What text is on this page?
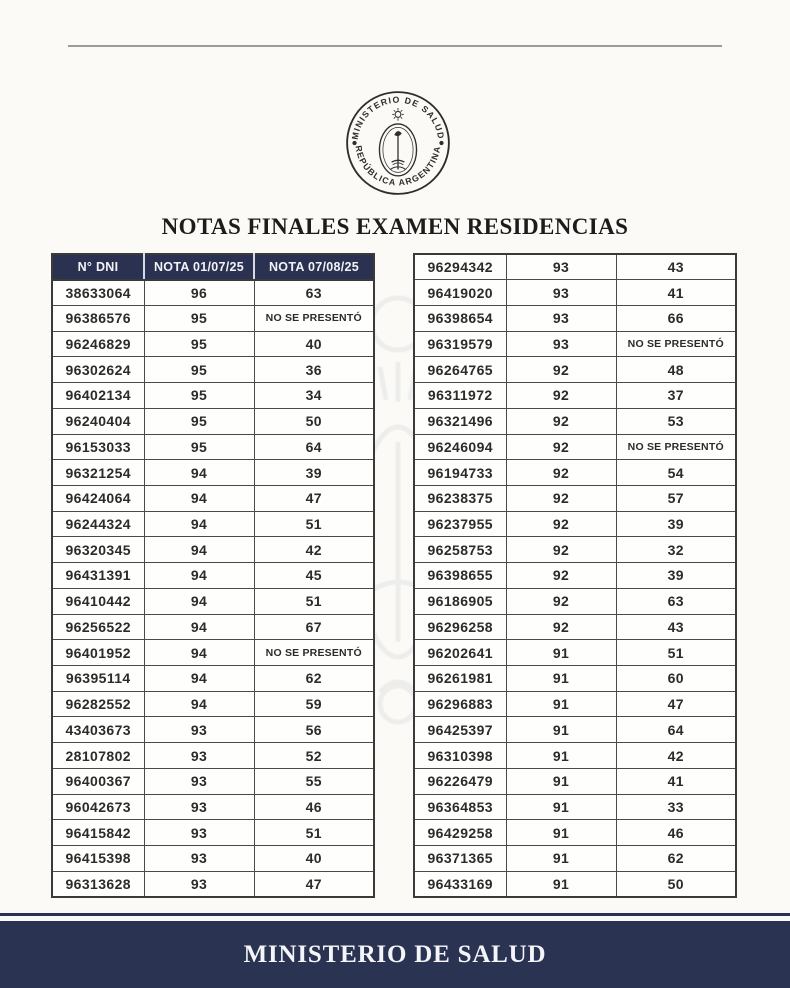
MINISTERIO DE SALUD
REPÚBLICA ARGENTINA
NOTAS FINALES EXAMEN RESIDENCIAS
N° DNI	NOTA 01/07/25	NOTA 07/08/25
38633064	96	63
96386576	95	NO SE PRESENTÓ
96246829	95	40
96302624	95	36
96402134	95	34
96240404	95	50
96153033	95	64
96321254	94	39
96424064	94	47
96244324	94	51
96320345	94	42
96431391	94	45
96410442	94	51
96256522	94	67
96401952	94	NO SE PRESENTÓ
96395114	94	62
96282552	94	59
43403673	93	56
28107802	93	52
96400367	93	55
96042673	93	46
96415842	93	51
96415398	93	40
96313628	93	47
96294342	93	43
96419020	93	41
96398654	93	66
96319579	93	NO SE PRESENTÓ
96264765	92	48
96311972	92	37
96321496	92	53
96246094	92	NO SE PRESENTÓ
96194733	92	54
96238375	92	57
96237955	92	39
96258753	92	32
96398655	92	39
96186905	92	63
96296258	92	43
96202641	91	51
96261981	91	60
96296883	91	47
96425397	91	64
96310398	91	42
96226479	91	41
96364853	91	33
96429258	91	46
96371365	91	62
96433169	91	50
MINISTERIO DE SALUD
